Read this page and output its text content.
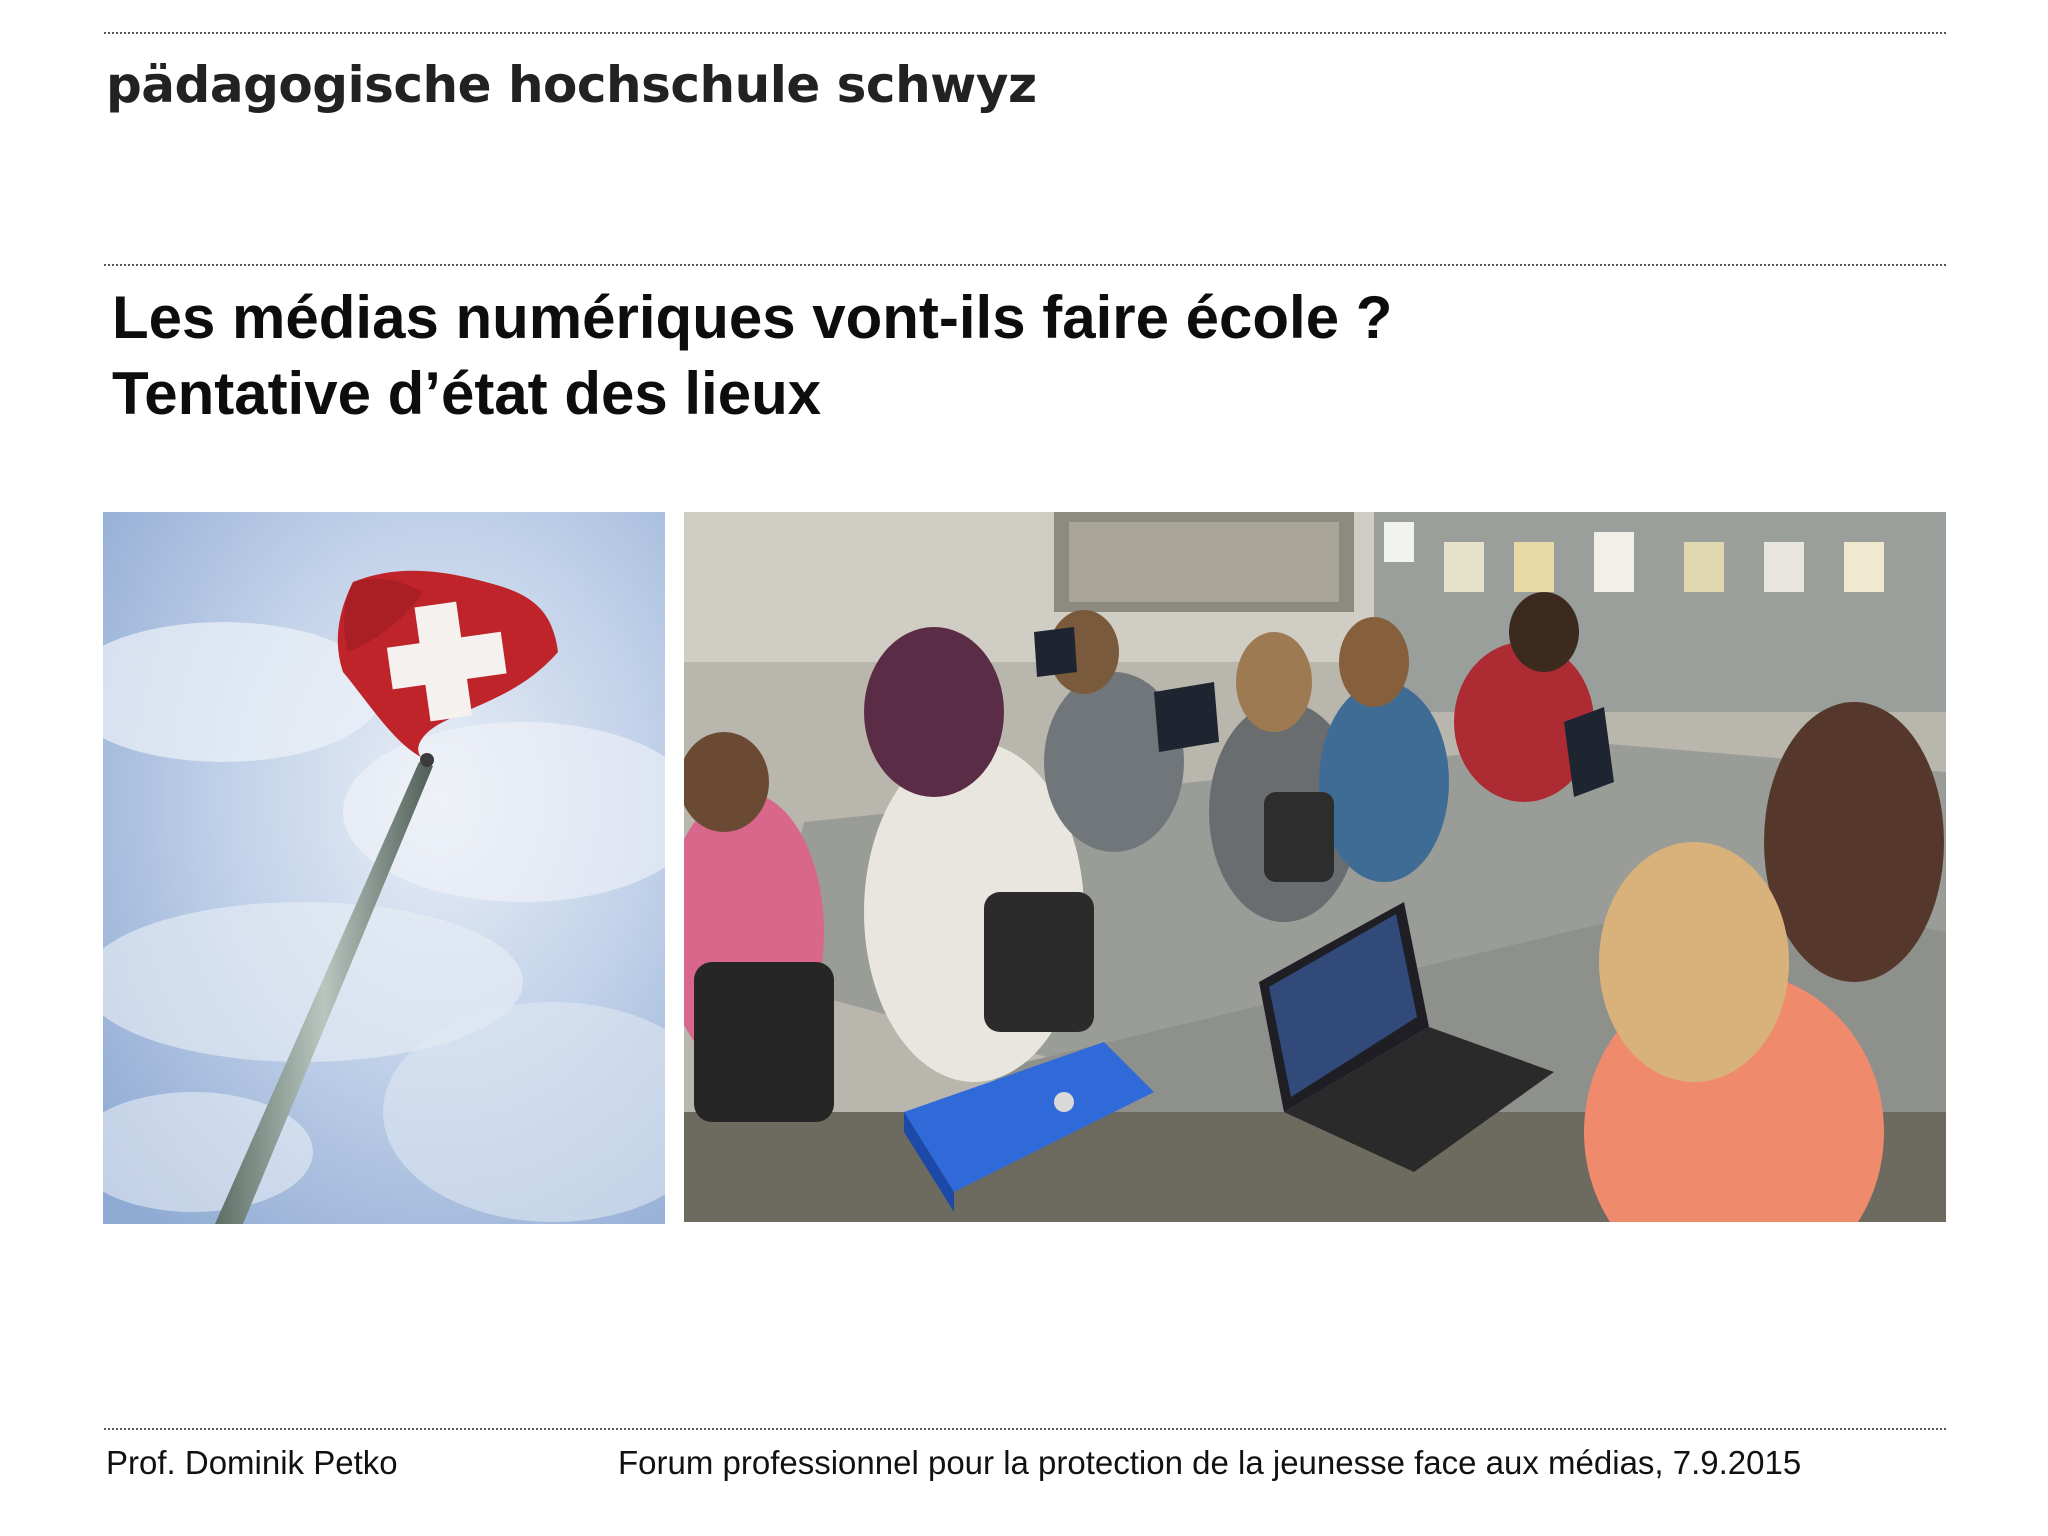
pädagogische hochschule schwyz
Les médias numériques vont-ils faire école ?
Tentative d’état des lieux
Prof. Dominik Petko	Forum professionnel pour la protection de la jeunesse face aux médias, 7.9.2015
